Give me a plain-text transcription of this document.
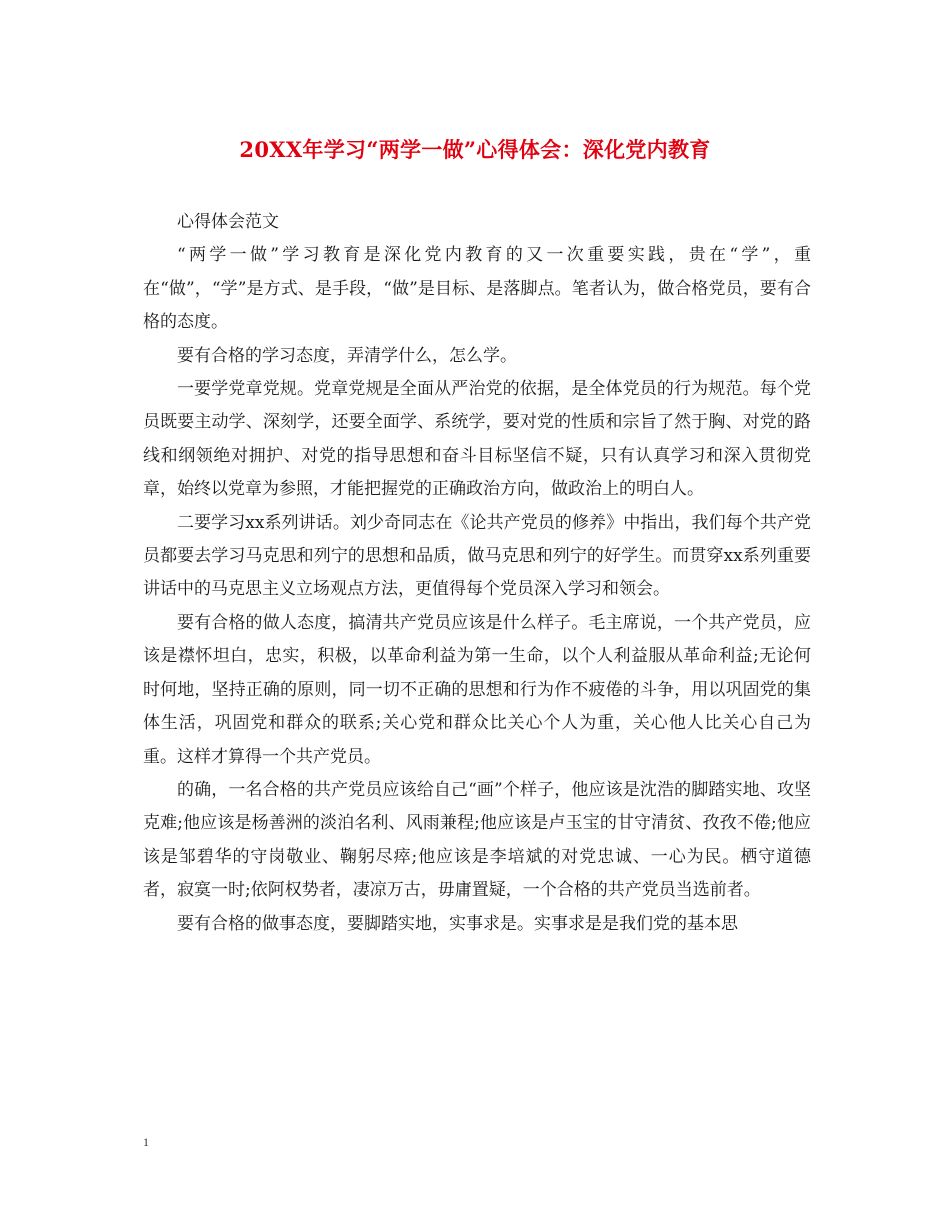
20XX年学习“两学一做”心得体会：深化党内教育

心得体会范文

“两学一做”学习教育是深化党内教育的又一次重要实践，贵在“学”，重在“做”，“学”是方式、是手段，“做”是目标、是落脚点。笔者认为，做合格党员，要有合格的态度。

要有合格的学习态度，弄清学什么，怎么学。

一要学党章党规。党章党规是全面从严治党的依据，是全体党员的行为规范。每个党员既要主动学、深刻学，还要全面学、系统学，要对党的性质和宗旨了然于胸、对党的路线和纲领绝对拥护、对党的指导思想和奋斗目标坚信不疑，只有认真学习和深入贯彻党章，始终以党章为参照，才能把握党的正确政治方向，做政治上的明白人。

二要学习xx系列讲话。刘少奇同志在《论共产党员的修养》中指出，我们每个共产党员都要去学习马克思和列宁的思想和品质，做马克思和列宁的好学生。而贯穿xx系列重要讲话中的马克思主义立场观点方法，更值得每个党员深入学习和领会。

要有合格的做人态度，搞清共产党员应该是什么样子。毛主席说，一个共产党员，应该是襟怀坦白，忠实，积极，以革命利益为第一生命，以个人利益服从革命利益;无论何时何地，坚持正确的原则，同一切不正确的思想和行为作不疲倦的斗争，用以巩固党的集体生活，巩固党和群众的联系;关心党和群众比关心个人为重，关心他人比关心自己为重。这样才算得一个共产党员。

的确，一名合格的共产党员应该给自己“画”个样子，他应该是沈浩的脚踏实地、攻坚克难;他应该是杨善洲的淡泊名利、风雨兼程;他应该是卢玉宝的甘守清贫、孜孜不倦;他应该是邹碧华的守岗敬业、鞠躬尽瘁;他应该是李培斌的对党忠诚、一心为民。栖守道德者，寂寞一时;依阿权势者，凄凉万古，毋庸置疑，一个合格的共产党员当选前者。

要有合格的做事态度，要脚踏实地，实事求是。实事求是是我们党的基本思

1
